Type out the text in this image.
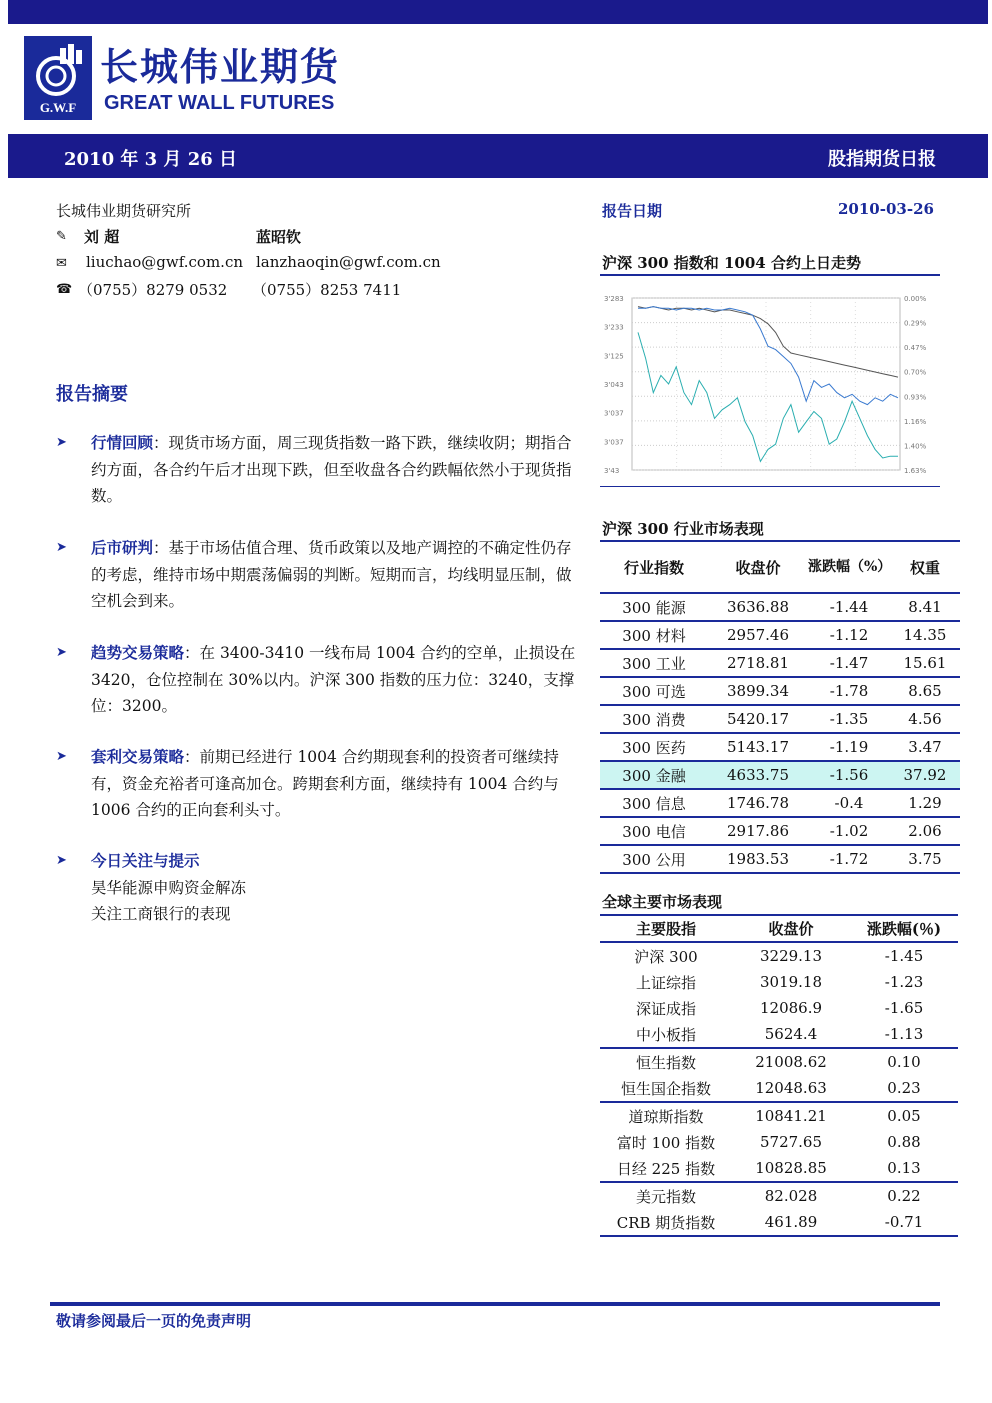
G.W.F
长城伟业期货
GREAT WALL FUTURES
2010 年 3 月 26 日	股指期货日报
长城伟业期货研究所
✎ 刘 超	蓝昭钦
✉ liuchao@gwf.com.cn lanzhaoqin@gwf.com.cn
☎ （0755）8279 0532 （0755）8253 7411
报告摘要
➤ 行情回顾：现货市场方面，周三现货指数一路下跌，继续收阴；期指合约方面，各合约午后才出现下跌，但至收盘各合约跌幅依然小于现货指数。
➤ 后市研判：基于市场估值合理、货币政策以及地产调控的不确定性仍存的考虑，维持市场中期震荡偏弱的判断。短期而言，均线明显压制，做空机会到来。
➤ 趋势交易策略：在 3400-3410 一线布局 1004 合约的空单，止损设在 3420，仓位控制在 30%以内。沪深 300 指数的压力位：3240，支撑位：3200。
➤ 套利交易策略：前期已经进行 1004 合约期现套利的投资者可继续持有，资金充裕者可逢高加仓。跨期套利方面，继续持有 1004 合约与 1006 合约的正向套利头寸。
➤ 今日关注与提示
昊华能源申购资金解冻
关注工商银行的表现
报告日期	2010-03-26
沪深 300 指数和 1004 合约上日走势
0.00%
0.29%
0.47%
0.70%
0.93%
1.16%
1.40%
1.63%
3'283
3'233
3'125
3'043
3'037
3'037
3'43
沪深 300 行业市场表现
行业指数	收盘价	涨跌幅（%）	权重
300 能源	3636.88	-1.44	8.41
300 材料	2957.46	-1.12	14.35
300 工业	2718.81	-1.47	15.61
300 可选	3899.34	-1.78	8.65
300 消费	5420.17	-1.35	4.56
300 医药	5143.17	-1.19	3.47
300 金融	4633.75	-1.56	37.92
300 信息	1746.78	-0.4	1.29
300 电信	2917.86	-1.02	2.06
300 公用	1983.53	-1.72	3.75
全球主要市场表现
主要股指	收盘价	涨跌幅(％)
沪深 300	3229.13	-1.45
上证综指	3019.18	-1.23
深证成指	12086.9	-1.65
中小板指	5624.4	-1.13
恒生指数	21008.62	0.10
恒生国企指数	12048.63	0.23
道琼斯指数	10841.21	0.05
富时 100 指数	5727.65	0.88
日经 225 指数	10828.85	0.13
美元指数	82.028	0.22
CRB 期货指数	461.89	-0.71
敬请参阅最后一页的免责声明
